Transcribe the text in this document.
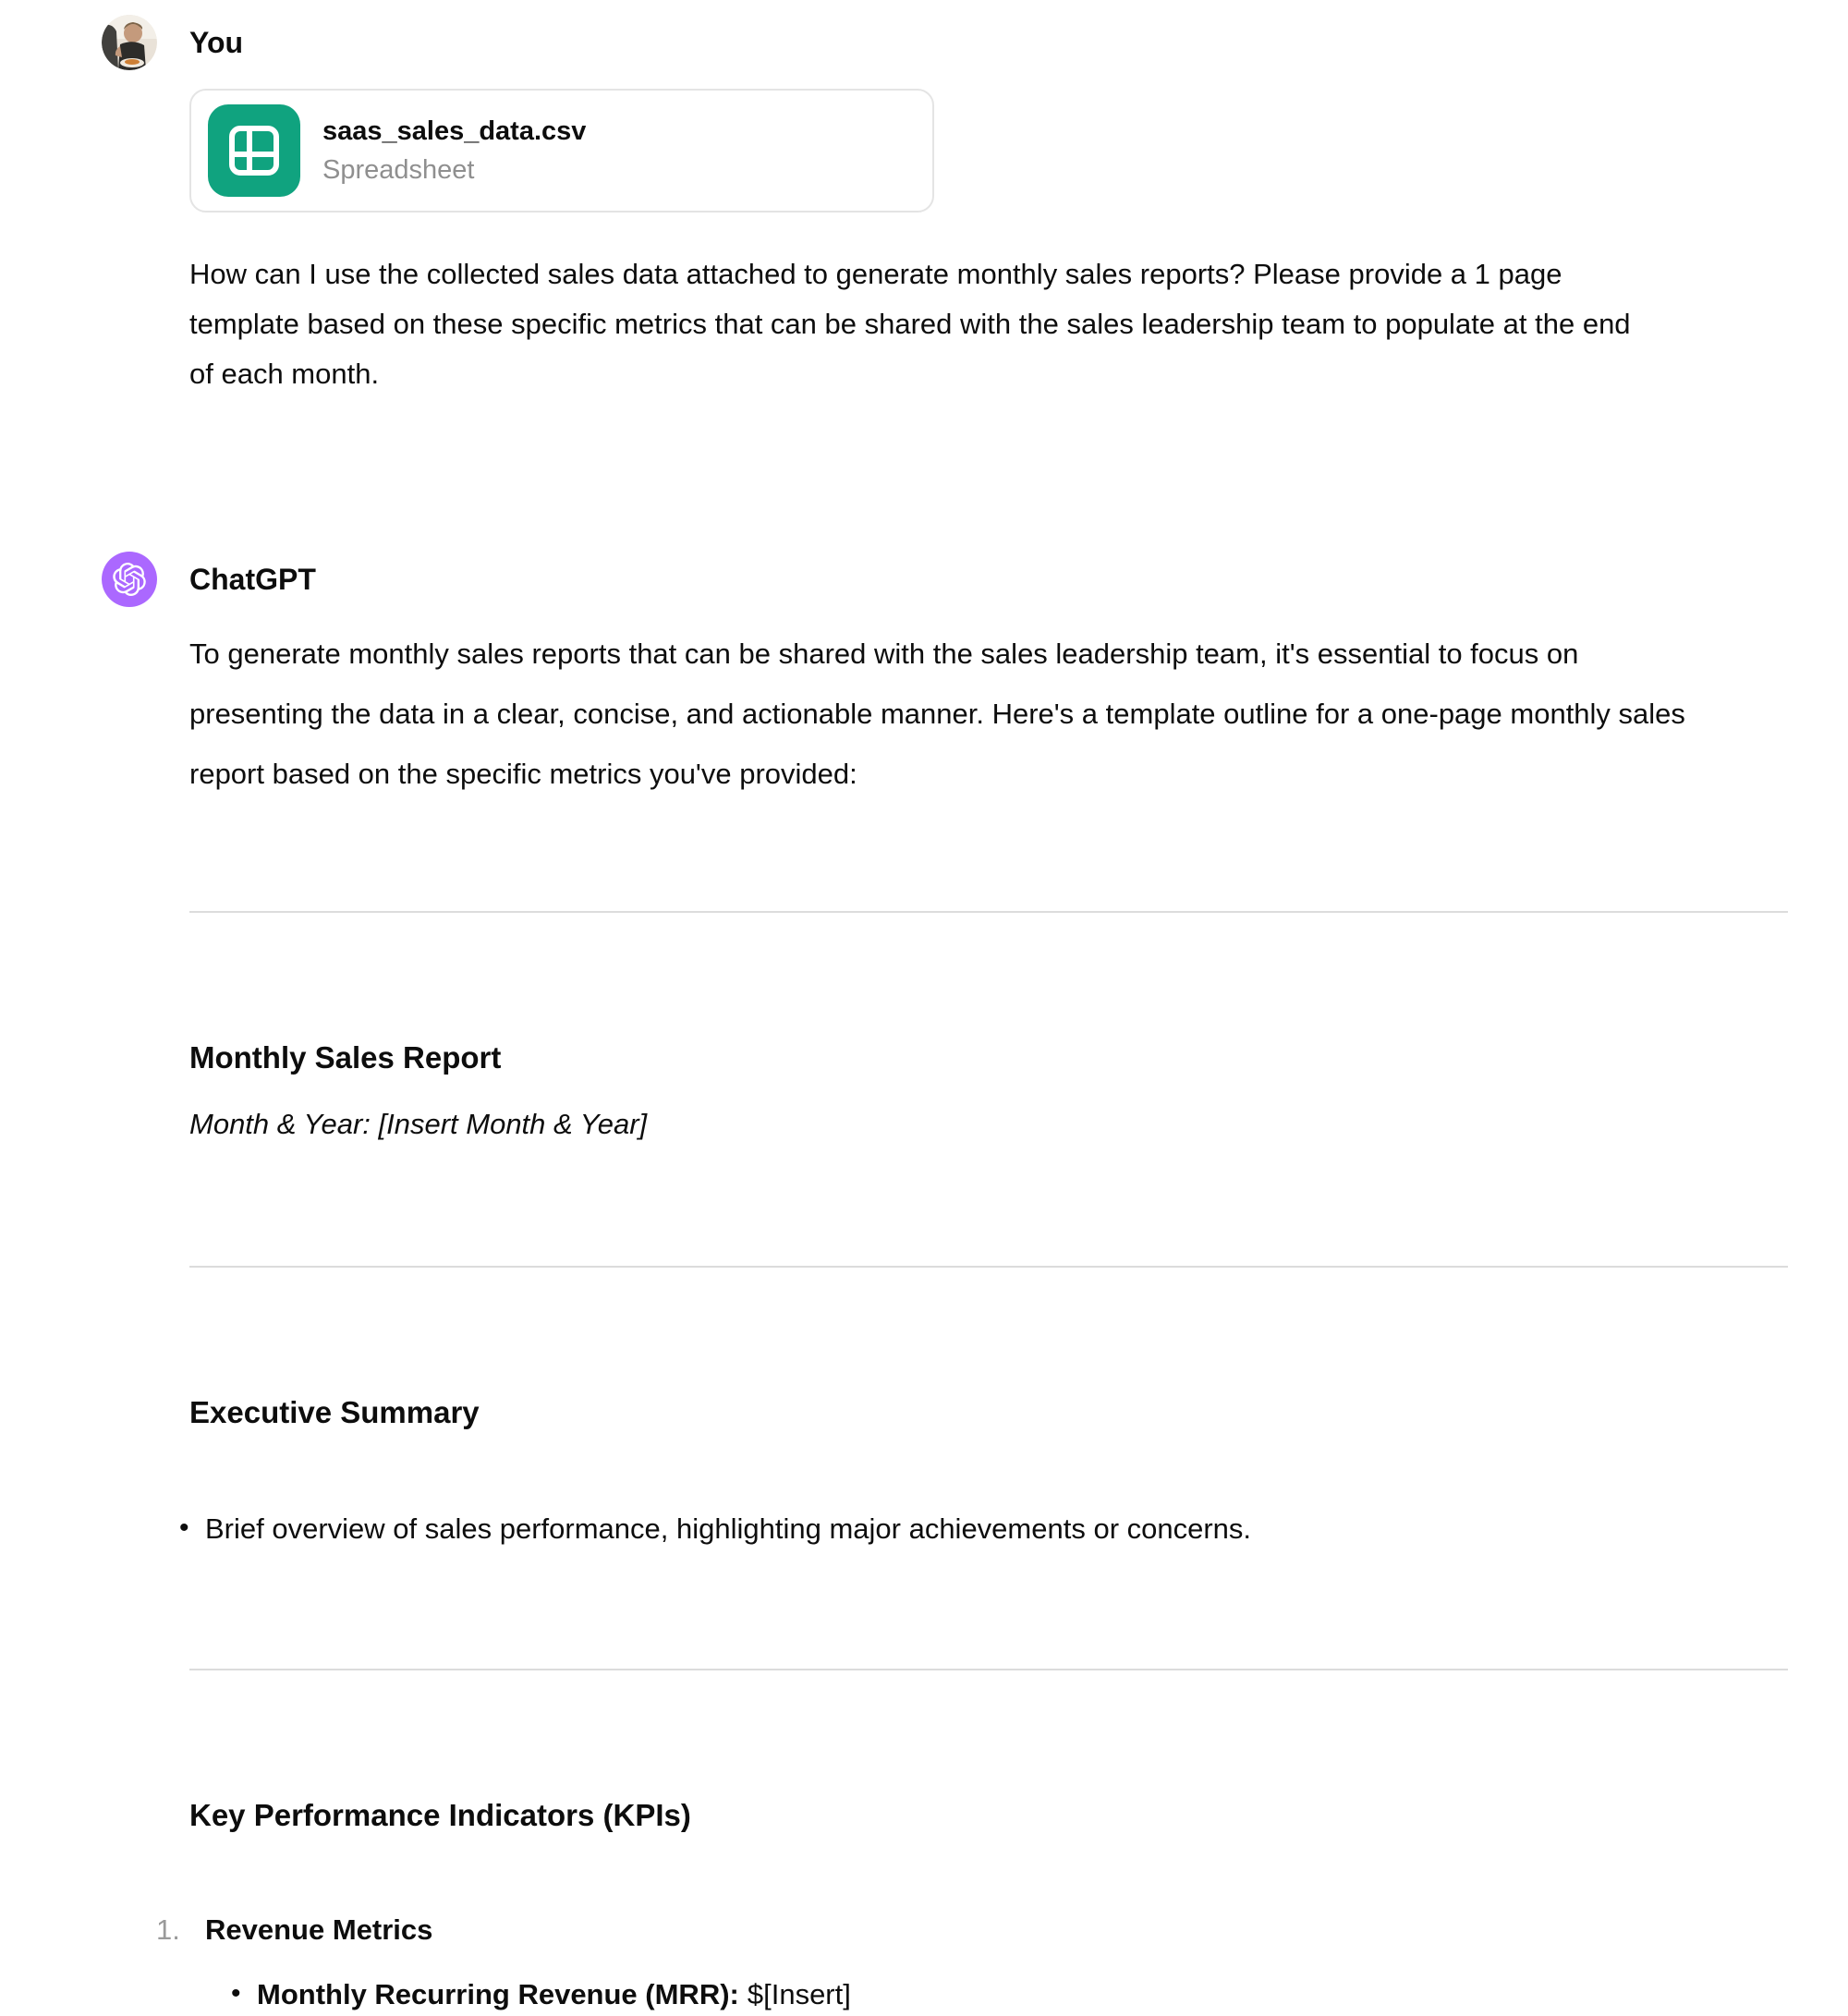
You
saas_sales_data.csv
Spreadsheet

How can I use the collected sales data attached to generate monthly sales reports? Please provide a 1 page template based on these specific metrics that can be shared with the sales leadership team to populate at the end of each month.

ChatGPT

To generate monthly sales reports that can be shared with the sales leadership team, it's essential to focus on presenting the data in a clear, concise, and actionable manner. Here's a template outline for a one-page monthly sales report based on the specific metrics you've provided:

Monthly Sales Report

Month & Year: [Insert Month & Year]

Executive Summary
• Brief overview of sales performance, highlighting major achievements or concerns.
Key Performance Indicators (KPIs)
1. Revenue Metrics
• Monthly Recurring Revenue (MRR): $[Insert]
